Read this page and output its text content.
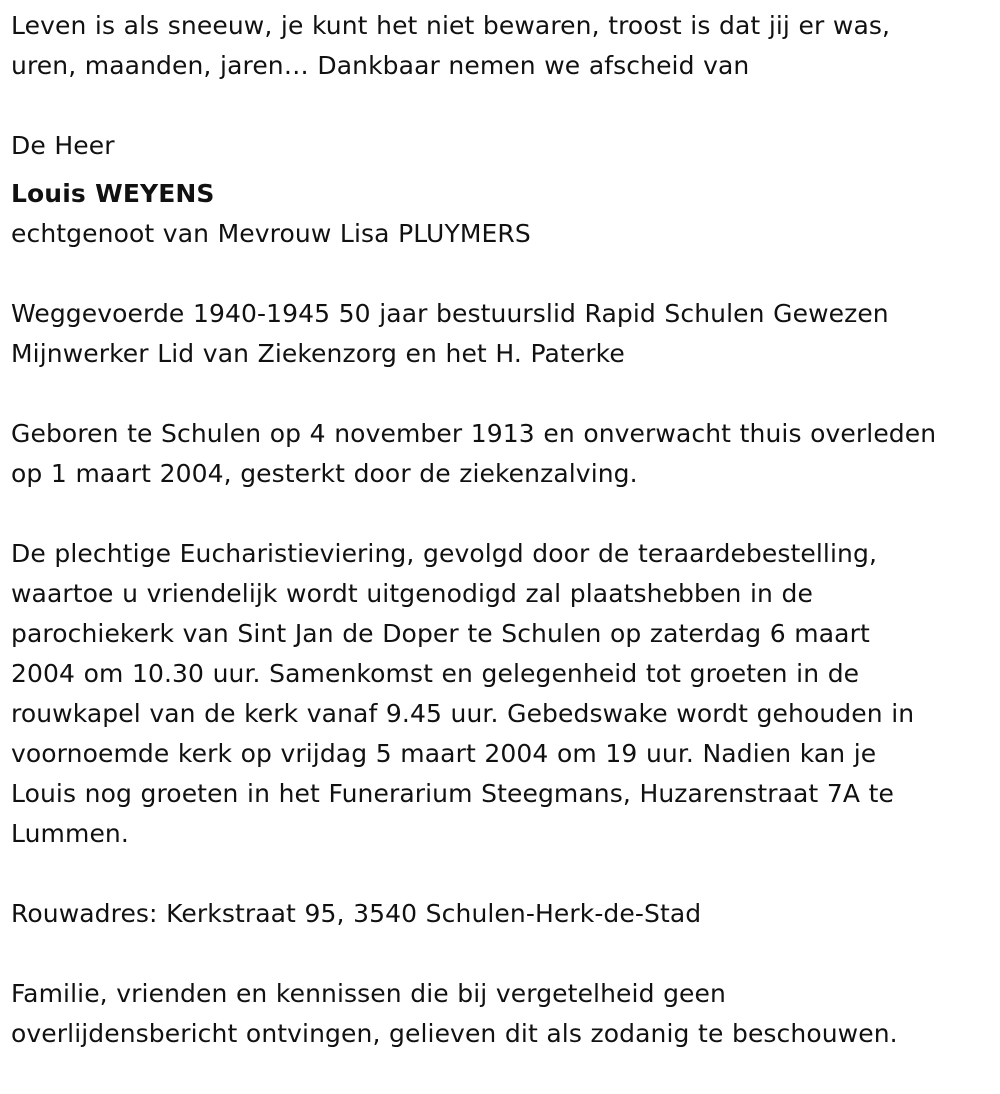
Leven is als sneeuw, je kunt het niet bewaren, troost is dat jij er was,
uren, maanden, jaren… Dankbaar nemen we afscheid van
De Heer
Louis WEYENS
echtgenoot van Mevrouw Lisa PLUYMERS
Weggevoerde 1940-1945 50 jaar bestuurslid Rapid Schulen Gewezen
Mijnwerker Lid van Ziekenzorg en het H. Paterke
Geboren te Schulen op 4 november 1913 en onverwacht thuis overleden
op 1 maart 2004, gesterkt door de ziekenzalving.
De plechtige Eucharistieviering, gevolgd door de teraardebestelling,
waartoe u vriendelijk wordt uitgenodigd zal plaatshebben in de
parochiekerk van Sint Jan de Doper te Schulen op zaterdag 6 maart
2004 om 10.30 uur. Samenkomst en gelegenheid tot groeten in de
rouwkapel van de kerk vanaf 9.45 uur. Gebedswake wordt gehouden in
voornoemde kerk op vrijdag 5 maart 2004 om 19 uur. Nadien kan je
Louis nog groeten in het Funerarium Steegmans, Huzarenstraat 7A te
Lummen.
Rouwadres: Kerkstraat 95, 3540 Schulen-Herk-de-Stad
Familie, vrienden en kennissen die bij vergetelheid geen
overlijdensbericht ontvingen, gelieven dit als zodanig te beschouwen.
